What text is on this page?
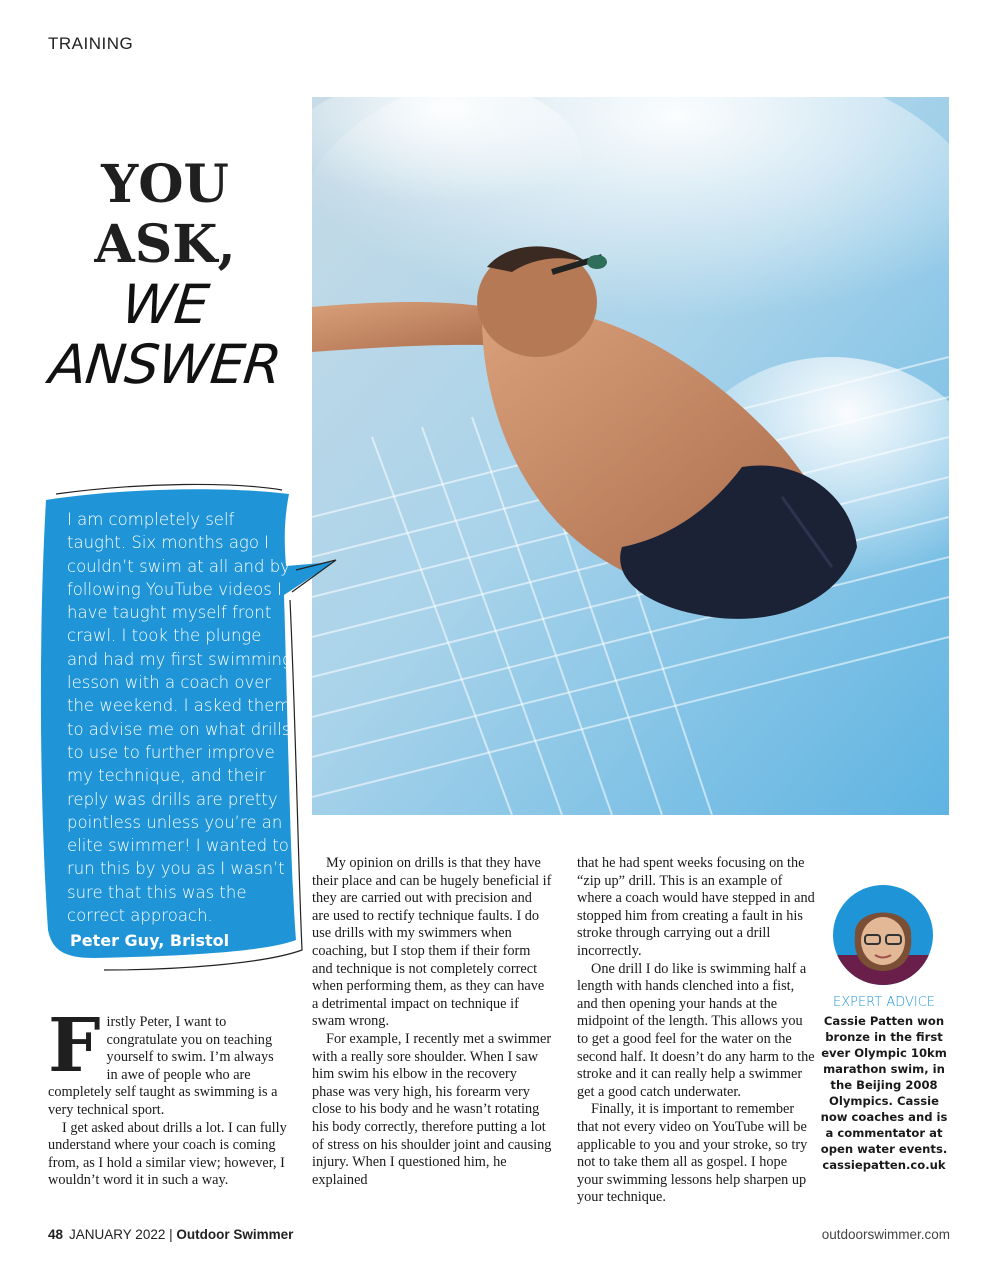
TRAINING
YOU
ASK,
WE
ANSWER

I am completely self taught. Six months ago I couldn’t swim at all and by following YouTube videos I have taught myself front crawl. I took the plunge and had my first swimming lesson with a coach over the weekend. I asked them to advise me on what drills to use to further improve my technique, and their reply was drills are pretty pointless unless you’re an elite swimmer! I wanted to run this by you as I wasn’t sure that this was the correct approach.

Peter Guy, Bristol
F irstly Peter, I want to congratulate you on teaching yourself to swim. I’m always in awe of people who are completely self taught as swimming is a very technical sport.

I get asked about drills a lot. I can fully understand where your coach is coming from, as I hold a similar view; however, I wouldn’t word it in such a way.

My opinion on drills is that they have their place and can be hugely beneficial if they are carried out with precision and are used to rectify technique faults. I do use drills with my swimmers when coaching, but I stop them if their form and technique is not completely correct when performing them, as they can have a detrimental impact on technique if swam wrong.

For example, I recently met a swimmer with a really sore shoulder. When I saw him swim his elbow in the recovery phase was very high, his forearm very close to his body and he wasn’t rotating his body correctly, therefore putting a lot of stress on his shoulder joint and causing injury. When I questioned him, he explained

that he had spent weeks focusing on the “zip up” drill. This is an example of where a coach would have stepped in and stopped him from creating a fault in his stroke through carrying out a drill incorrectly.

One drill I do like is swimming half a length with hands clenched into a fist, and then opening your hands at the midpoint of the length. This allows you to get a good feel for the water on the second half. It doesn’t do any harm to the stroke and it can really help a swimmer get a good catch underwater.

Finally, it is important to remember that not every video on YouTube will be applicable to you and your stroke, so try not to take them all as gospel. I hope your swimming lessons help sharpen up your technique.

EXPERT ADVICE
Cassie Patten won bronze in the first ever Olympic 10km marathon swim, in the Beijing 2008 Olympics. Cassie now coaches and is a commentator at open water events. cassiepatten.co.uk
48 JANUARY 2022 | Outdoor Swimmer	outdoorswimmer.com
